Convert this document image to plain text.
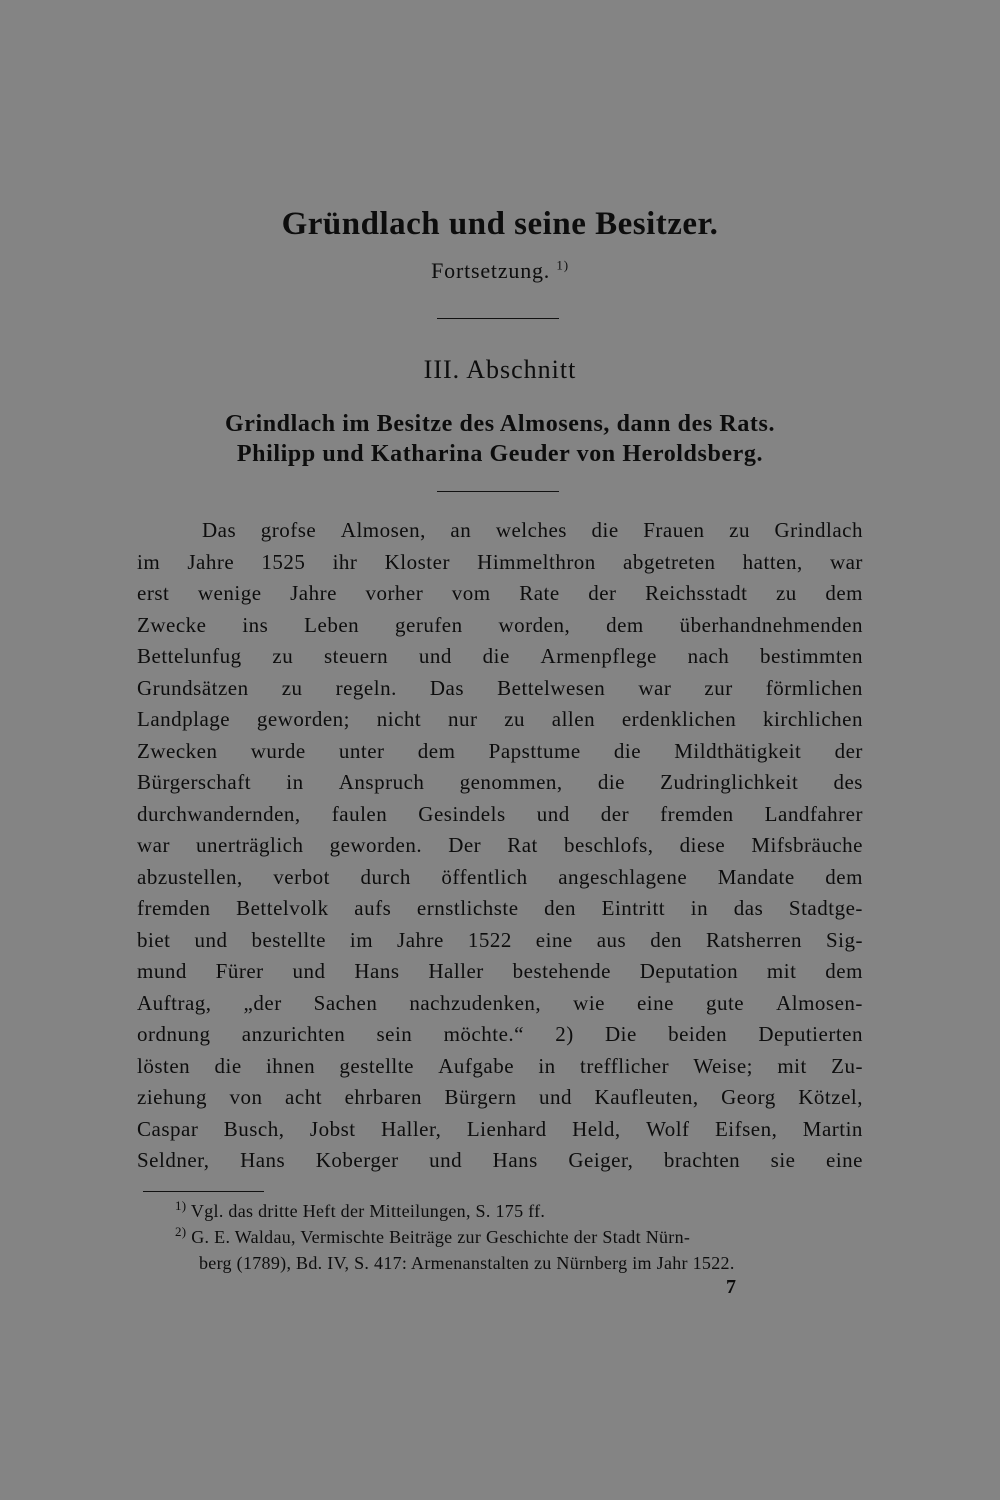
Gründlach und seine Besitzer.
Fortsetzung. $^{1)}$
III. Abschnitt
Grindlach im Besitze des Almosens, dann des Rats.
Philipp und Katharina Geuder von Heroldsberg.
Das grofse Almosen, an welches die Frauen zu Grindlach
im Jahre 1525 ihr Kloster Himmelthron abgetreten hatten, war
erst wenige Jahre vorher vom Rate der Reichsstadt zu dem
Zwecke ins Leben gerufen worden, dem überhandnehmenden
Bettelunfug zu steuern und die Armenpflege nach bestimmten
Grundsätzen zu regeln. Das Bettelwesen war zur förmlichen
Landplage geworden; nicht nur zu allen erdenklichen kirchlichen
Zwecken wurde unter dem Papsttume die Mildthätigkeit der
Bürgerschaft in Anspruch genommen, die Zudringlichkeit des
durchwandernden, faulen Gesindels und der fremden Landfahrer
war unerträglich geworden. Der Rat beschlofs, diese Mifsbräuche
abzustellen, verbot durch öffentlich angeschlagene Mandate dem
fremden Bettelvolk aufs ernstlichste den Eintritt in das Stadtge-
biet und bestellte im Jahre 1522 eine aus den Ratsherren Sig-
mund Fürer und Hans Haller bestehende Deputation mit dem
Auftrag, „der Sachen nachzudenken, wie eine gute Almosen-
ordnung anzurichten sein möchte.“ 2) Die beiden Deputierten
lösten die ihnen gestellte Aufgabe in trefflicher Weise; mit Zu-
ziehung von acht ehrbaren Bürgern und Kaufleuten, Georg Kötzel,
Caspar Busch, Jobst Haller, Lienhard Held, Wolf Eifsen, Martin
Seldner, Hans Koberger und Hans Geiger, brachten sie eine
$^{1)}$ Vgl. das dritte Heft der Mitteilungen, S. 175 ff.
$^{2)}$ G. E. Waldau, Vermischte Beiträge zur Geschichte der Stadt Nürn-
berg (1789), Bd. IV, S. 417: Armenanstalten zu Nürnberg im Jahr 1522.
7
